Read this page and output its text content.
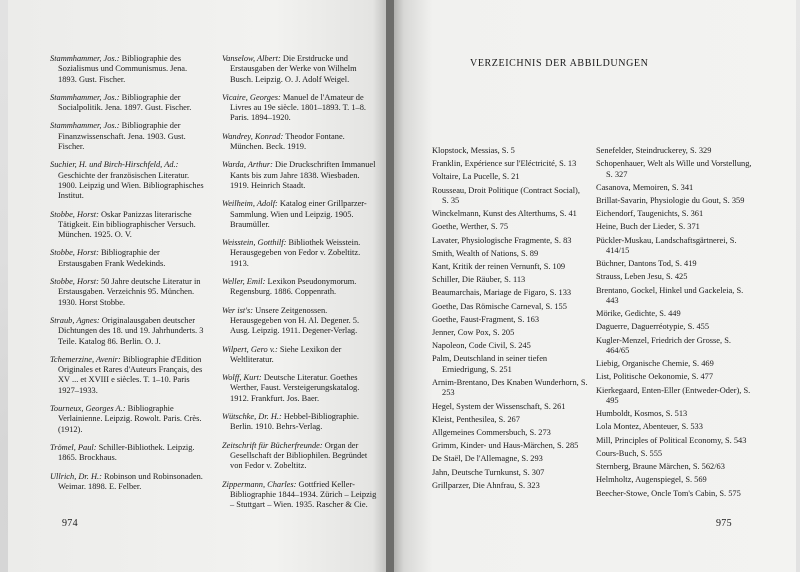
Stammhammer, Jos.: Bibliographie des Sozialismus und Communismus. Jena. 1893. Gust. Fischer.
Stammhammer, Jos.: Bibliographie der Socialpolitik. Jena. 1897. Gust. Fischer.
Stammhammer, Jos.: Bibliographie der Finanzwissenschaft. Jena. 1903. Gust. Fischer.
Suchier, H. und Birch-Hirschfeld, Ad.: Geschichte der französischen Literatur. 1900. Leipzig und Wien. Bibliographisches Institut.
Stobbe, Horst: Oskar Panizzas literarische Tätigkeit. Ein bibliographischer Versuch. München. 1925. O. V.
Stobbe, Horst: Bibliographie der Erstausgaben Frank Wedekinds.
Stobbe, Horst: 50 Jahre deutsche Literatur in Erstausgaben. Verzeichnis 95. München. 1930. Horst Stobbe.
Straub, Agnes: Originalausgaben deutscher Dichtungen des 18. und 19. Jahrhunderts. 3 Teile. Katalog 86. Berlin. O. J.
Tchemerzine, Avenir: Bibliographie d'Edition Originales et Rares d'Auteurs Français, des XV ... et XVIII e siècles. T. 1–10. Paris 1927–1933.
Tourneux, Georges A.: Bibliographie Verlainienne. Leipzig. Rowolt. Paris. Crès. (1912).
Trömel, Paul: Schiller-Bibliothek. Leipzig. 1865. Brockhaus.
Ullrich, Dr. H.: Robinson und Robinsonaden. Weimar. 1898. E. Felber.
Vanselow, Albert: Die Erstdrucke und Erstausgaben der Werke von Wilhelm Busch. Leipzig. O. J. Adolf Weigel.
Vicaire, Georges: Manuel de l'Amateur de Livres au 19e siècle. 1801–1893. T. 1–8. Paris. 1894–1920.
Wandrey, Konrad: Theodor Fontane. München. Beck. 1919.
Warda, Arthur: Die Druckschriften Immanuel Kants bis zum Jahre 1838. Wiesbaden. 1919. Heinrich Staadt.
Weilheim, Adolf: Katalog einer Grillparzer-Sammlung. Wien und Leipzig. 1905. Braumüller.
Weisstein, Gotthilf: Bibliothek Weisstein. Herausgegeben von Fedor v. Zobeltitz. 1913.
Weller, Emil: Lexikon Pseudonymorum. Regensburg. 1886. Coppenrath.
Wer ist's: Unsere Zeitgenossen. Herausgegeben von H. Al. Degener. 5. Ausg. Leipzig. 1911. Degener-Verlag.
Wilpert, Gero v.: Siehe Lexikon der Weltliteratur.
Wolff, Kurt: Deutsche Literatur. Goethes Werther, Faust. Versteigerungskatalog. 1912. Frankfurt. Jos. Baer.
Wütschke, Dr. H.: Hebbel-Bibliographie. Berlin. 1910. Behrs-Verlag.
Zeitschrift für Bücherfreunde: Organ der Gesellschaft der Bibliophilen. Begründet von Fedor v. Zobeltitz.
Zippermann, Charles: Gottfried Keller-Bibliographie 1844–1934. Zürich – Leipzig – Stuttgart – Wien. 1935. Rascher & Cie.
974
VERZEICHNIS DER ABBILDUNGEN
Klopstock, Messias, S. 5
Franklin, Expérience sur l'Eléctricité, S. 13
Voltaire, La Pucelle, S. 21
Rousseau, Droit Politique (Contract Social), S. 35
Winckelmann, Kunst des Alterthums, S. 41
Goethe, Werther, S. 75
Lavater, Physiologische Fragmente, S. 83
Smith, Wealth of Nations, S. 89
Kant, Kritik der reinen Vernunft, S. 109
Schiller, Die Räuber, S. 113
Beaumarchais, Mariage de Figaro, S. 133
Goethe, Das Römische Carneval, S. 155
Goethe, Faust-Fragment, S. 163
Jenner, Cow Pox, S. 205
Napoleon, Code Civil, S. 245
Palm, Deutschland in seiner tiefen Erniedrigung, S. 251
Arnim-Brentano, Des Knaben Wunderhorn, S. 253
Hegel, System der Wissenschaft, S. 261
Kleist, Penthesilea, S. 267
Allgemeines Commersbuch, S. 273
Grimm, Kinder- und Haus-Märchen, S. 285
De Staël, De l'Allemagne, S. 293
Jahn, Deutsche Turnkunst, S. 307
Grillparzer, Die Ahnfrau, S. 323
Senefelder, Steindruckerey, S. 329
Schopenhauer, Welt als Wille und Vorstellung, S. 327
Casanova, Memoiren, S. 341
Brillat-Savarin, Physiologie du Gout, S. 359
Eichendorf, Taugenichts, S. 361
Heine, Buch der Lieder, S. 371
Pückler-Muskau, Landschaftsgärtnerei, S. 414/15
Büchner, Dantons Tod, S. 419
Strauss, Leben Jesu, S. 425
Brentano, Gockel, Hinkel und Gackeleia, S. 443
Mörike, Gedichte, S. 449
Daguerre, Daguerréotypie, S. 455
Kugler-Menzel, Friedrich der Grosse, S. 464/65
Liebig, Organische Chemie, S. 469
List, Politische Oekonomie, S. 477
Kierkegaard, Enten-Eller (Entweder-Oder), S. 495
Humboldt, Kosmos, S. 513
Lola Montez, Abenteuer, S. 533
Mill, Principles of Political Economy, S. 543
Cours-Buch, S. 555
Sternberg, Braune Märchen, S. 562/63
Helmholtz, Augenspiegel, S. 569
Beecher-Stowe, Oncle Tom's Cabin, S. 575
975
